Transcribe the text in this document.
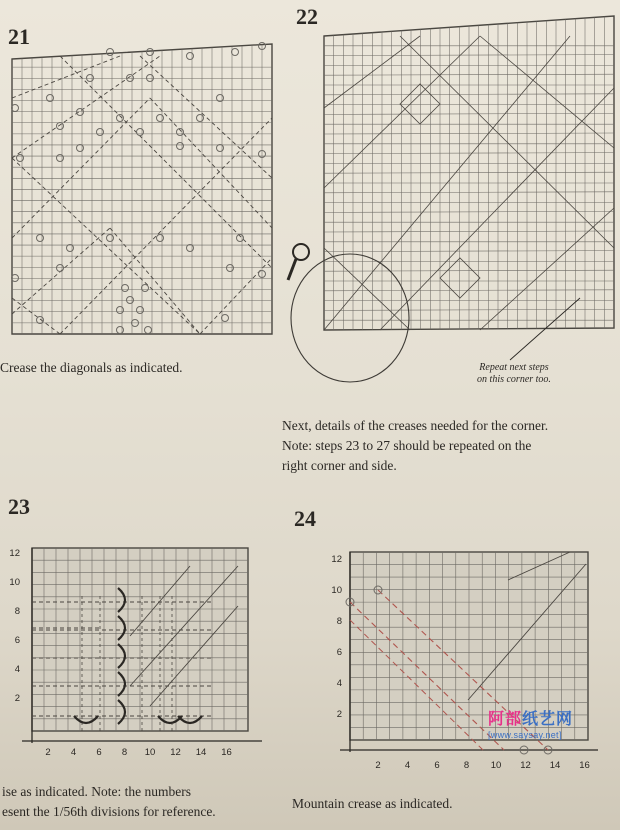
21
Crease the diagonals as indicated.
22
Repeat next steps
on this corner too.
Next, details of the creases needed for the corner.
Note: steps 23 to 27 should be repeated on the
right corner and side.
23
2 4 6 8 10 12 14 16
12
10
8
6
4
2
ise as indicated. Note: the numbers
esent the 1/56th divisions for reference.
24
2	4	6	8 10 12 14 16
12
10
8
6
4
2
Mountain crease as indicated.
阿部纸艺网
[www.saysay.net]
